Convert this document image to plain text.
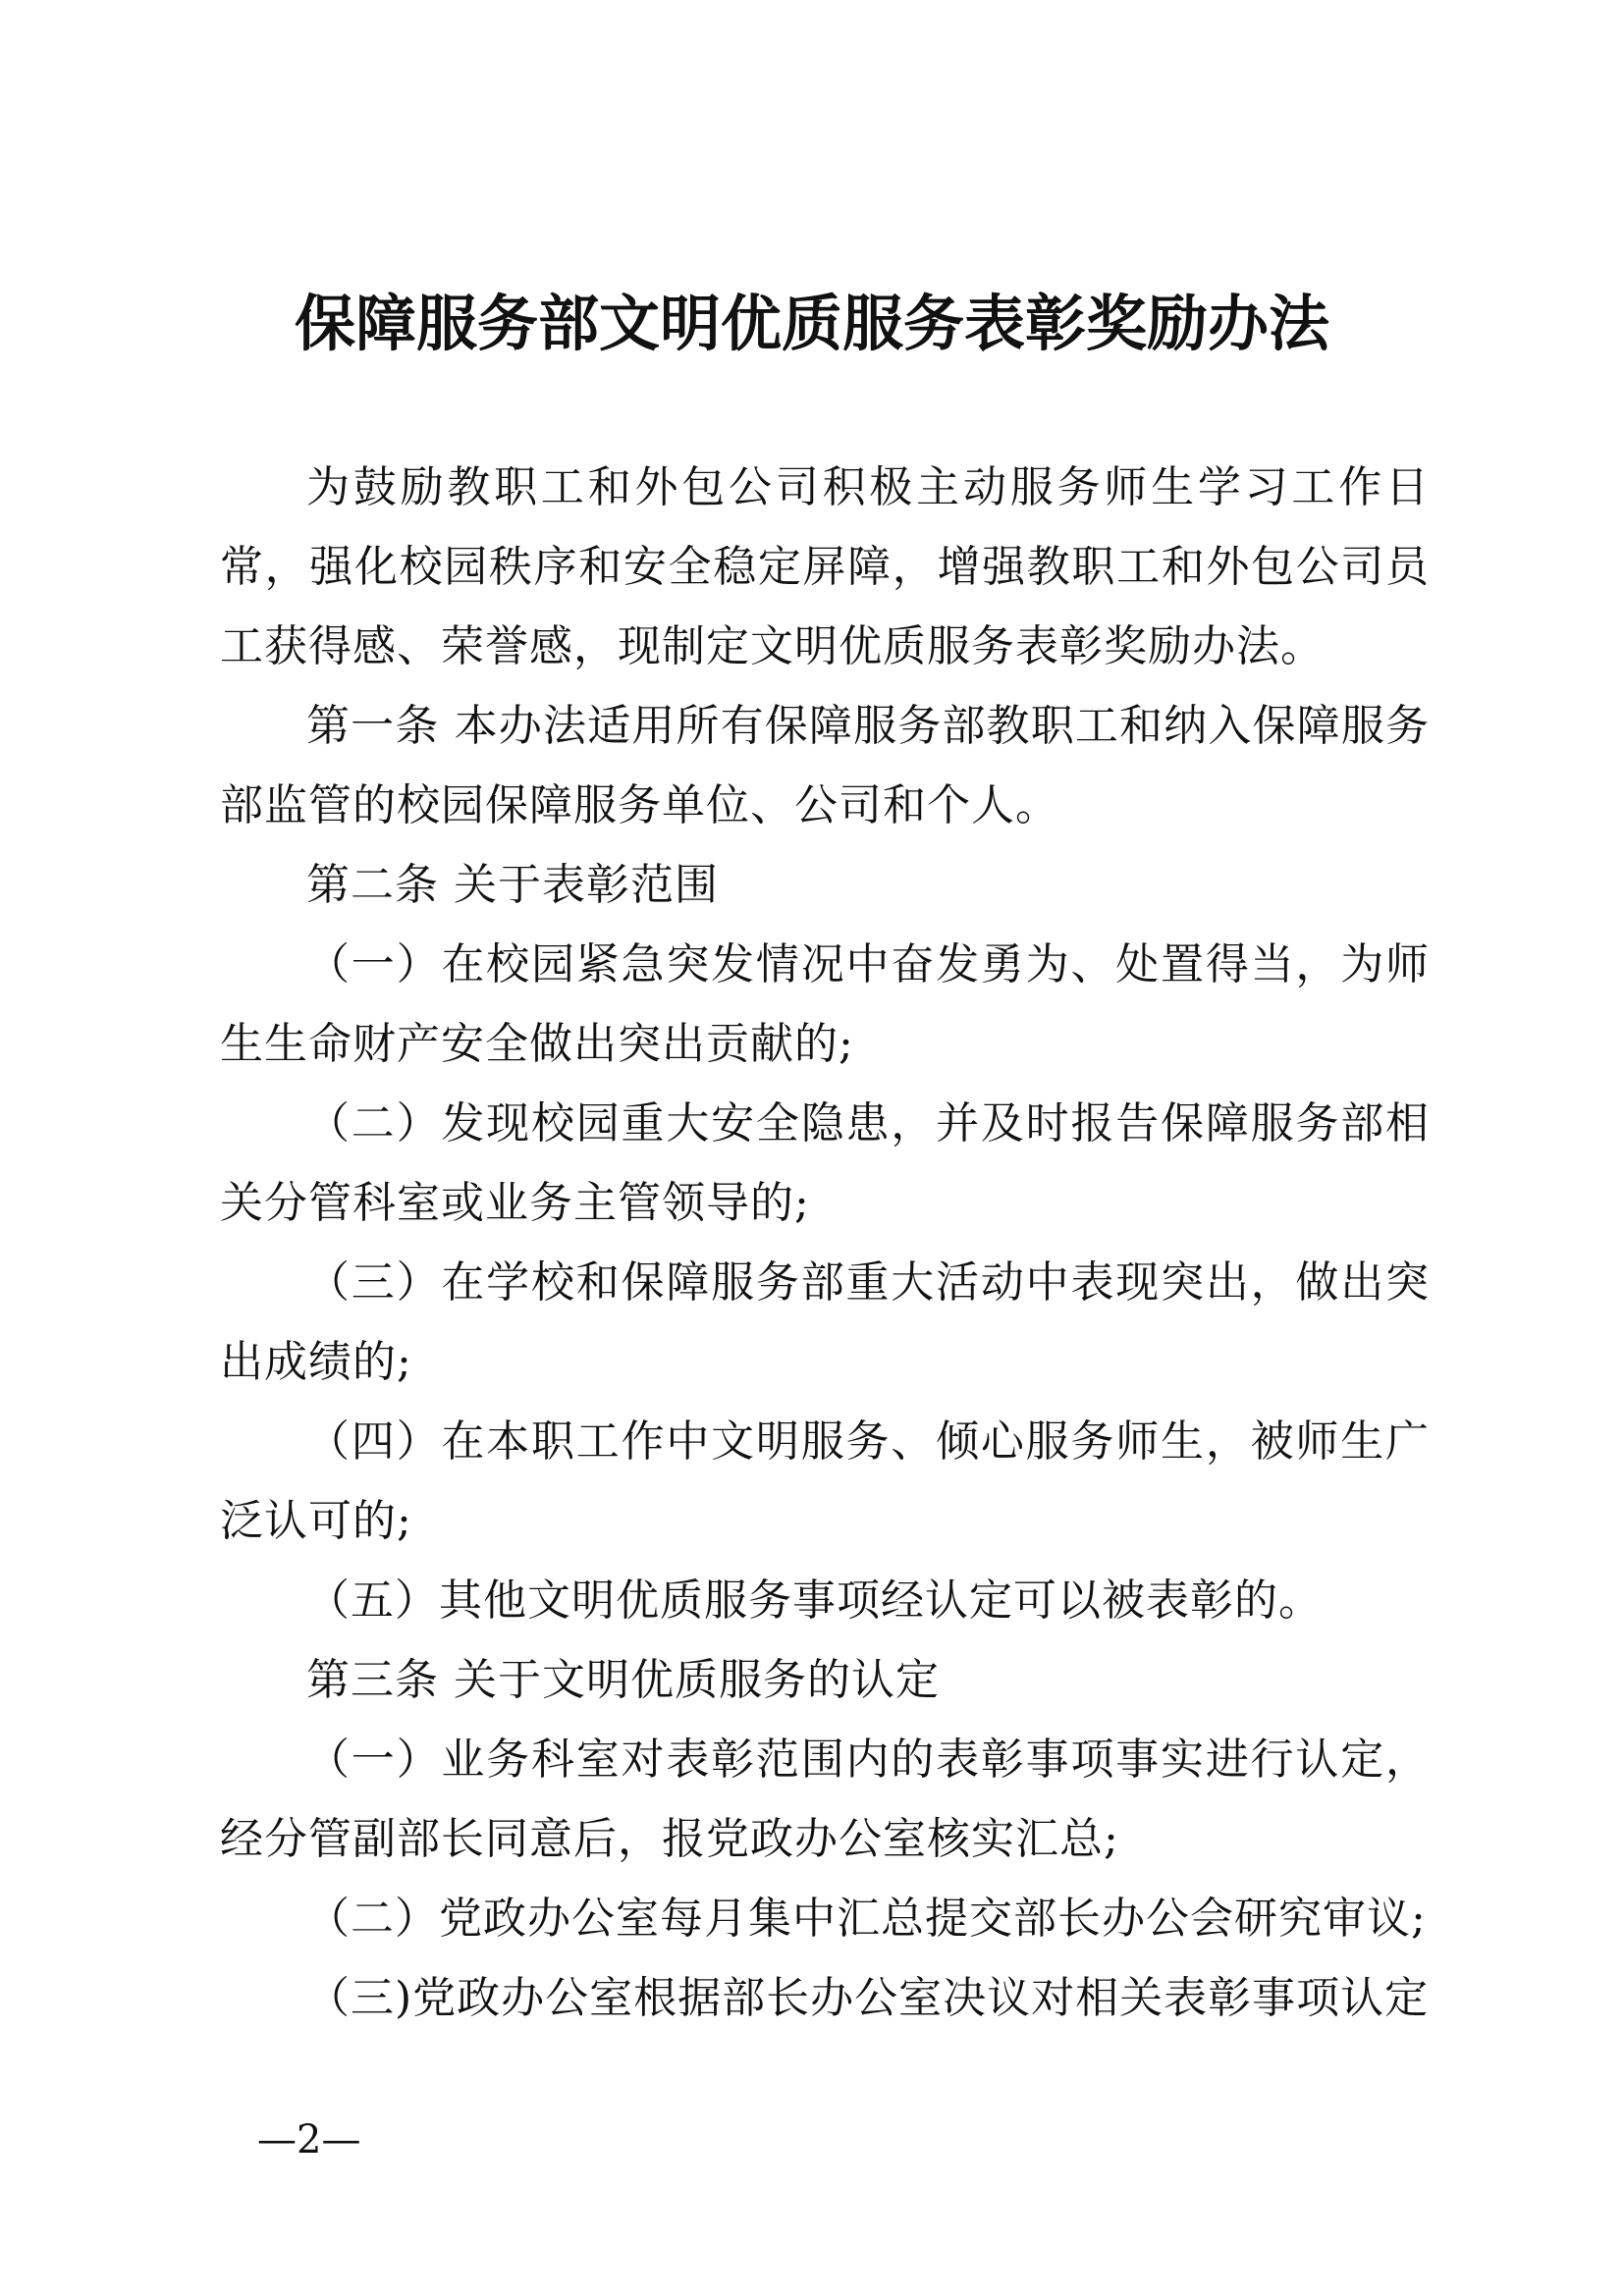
保障服务部文明优质服务表彰奖励办法

为鼓励教职工和外包公司积极主动服务师生学习工作日常，强化校园秩序和安全稳定屏障，增强教职工和外包公司员工获得感、荣誉感，现制定文明优质服务表彰奖励办法。

第一条 本办法适用所有保障服务部教职工和纳入保障服务部监管的校园保障服务单位、公司和个人。

第二条 关于表彰范围

（一）在校园紧急突发情况中奋发勇为、处置得当，为师生生命财产安全做出突出贡献的;

（二）发现校园重大安全隐患，并及时报告保障服务部相关分管科室或业务主管领导的;

（三）在学校和保障服务部重大活动中表现突出，做出突出成绩的;

（四）在本职工作中文明服务、倾心服务师生，被师生广泛认可的;

（五）其他文明优质服务事项经认定可以被表彰的。

第三条 关于文明优质服务的认定

（一）业务科室对表彰范围内的表彰事项事实进行认定，经分管副部长同意后，报党政办公室核实汇总;

（二）党政办公室每月集中汇总提交部长办公会研究审议;

（三)党政办公室根据部长办公室决议对相关表彰事项认定

—2—
